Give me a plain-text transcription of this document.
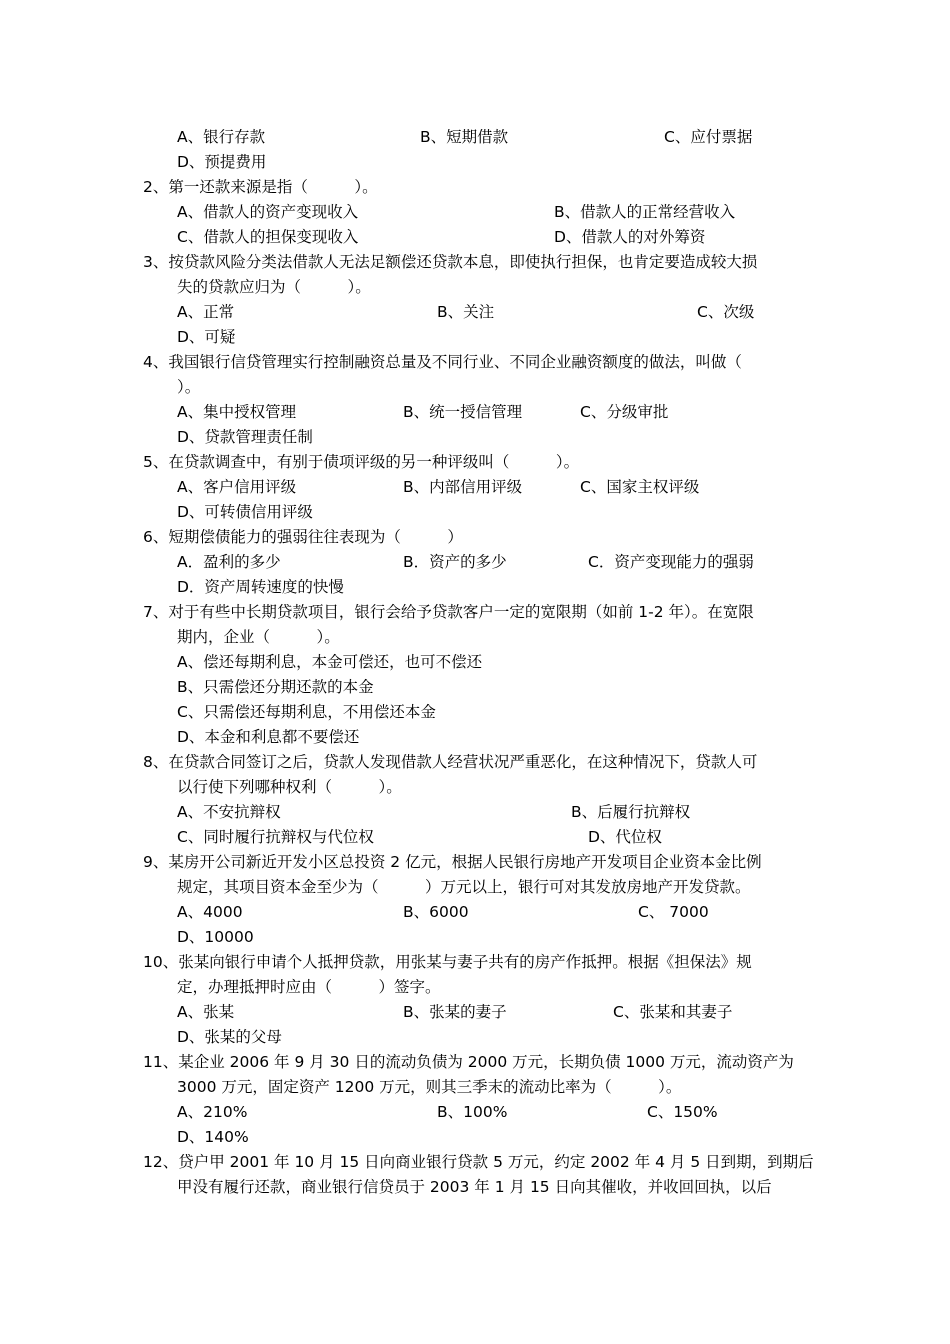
A、银行存款	B、短期借款	C、应付票据
D、预提费用
2、第一还款来源是指（　　　）。
A、借款人的资产变现收入	B、借款人的正常经营收入
C、借款人的担保变现收入	D、借款人的对外筹资
3、按贷款风险分类法借款人无法足额偿还贷款本息，即使执行担保，也肯定要造成较大损
失的贷款应归为（　　　）。
A、正常	B、关注	C、次级
D、可疑
4、我国银行信贷管理实行控制融资总量及不同行业、不同企业融资额度的做法，叫做（
）。
A、集中授权管理	B、统一授信管理	C、分级审批
D、贷款管理责任制
5、在贷款调查中，有别于债项评级的另一种评级叫（　　　）。
A、客户信用评级	B、内部信用评级	C、国家主权评级
D、可转债信用评级
6、短期偿债能力的强弱往往表现为（　　　）
A．盈利的多少	B．资产的多少	C．资产变现能力的强弱
D．资产周转速度的快慢
7、对于有些中长期贷款项目，银行会给予贷款客户一定的宽限期（如前 1-2 年）。在宽限
期内，企业（　　　）。
A、偿还每期利息，本金可偿还，也可不偿还
B、只需偿还分期还款的本金
C、只需偿还每期利息，不用偿还本金
D、本金和利息都不要偿还
8、在贷款合同签订之后，贷款人发现借款人经营状况严重恶化，在这种情况下，贷款人可
以行使下列哪种权利（　　　）。
A、不安抗辩权	B、后履行抗辩权
C、同时履行抗辩权与代位权	D、代位权
9、某房开公司新近开发小区总投资 2 亿元，根据人民银行房地产开发项目企业资本金比例
规定，其项目资本金至少为（　　　）万元以上，银行可对其发放房地产开发贷款。
A、4000	B、6000	C、 7000
D、10000
10、张某向银行申请个人抵押贷款，用张某与妻子共有的房产作抵押。根据《担保法》规
定，办理抵押时应由（　　　）签字。
A、张某	B、张某的妻子	C、张某和其妻子
D、张某的父母
11、某企业 2006 年 9 月 30 日的流动负债为 2000 万元，长期负债 1000 万元，流动资产为
3000 万元，固定资产 1200 万元，则其三季末的流动比率为（　　　）。
A、210%	B、100%	C、150%
D、140%
12、贷户甲 2001 年 10 月 15 日向商业银行贷款 5 万元，约定 2002 年 4 月 5 日到期，到期后
甲没有履行还款，商业银行信贷员于 2003 年 1 月 15 日向其催收，并收回回执，以后
